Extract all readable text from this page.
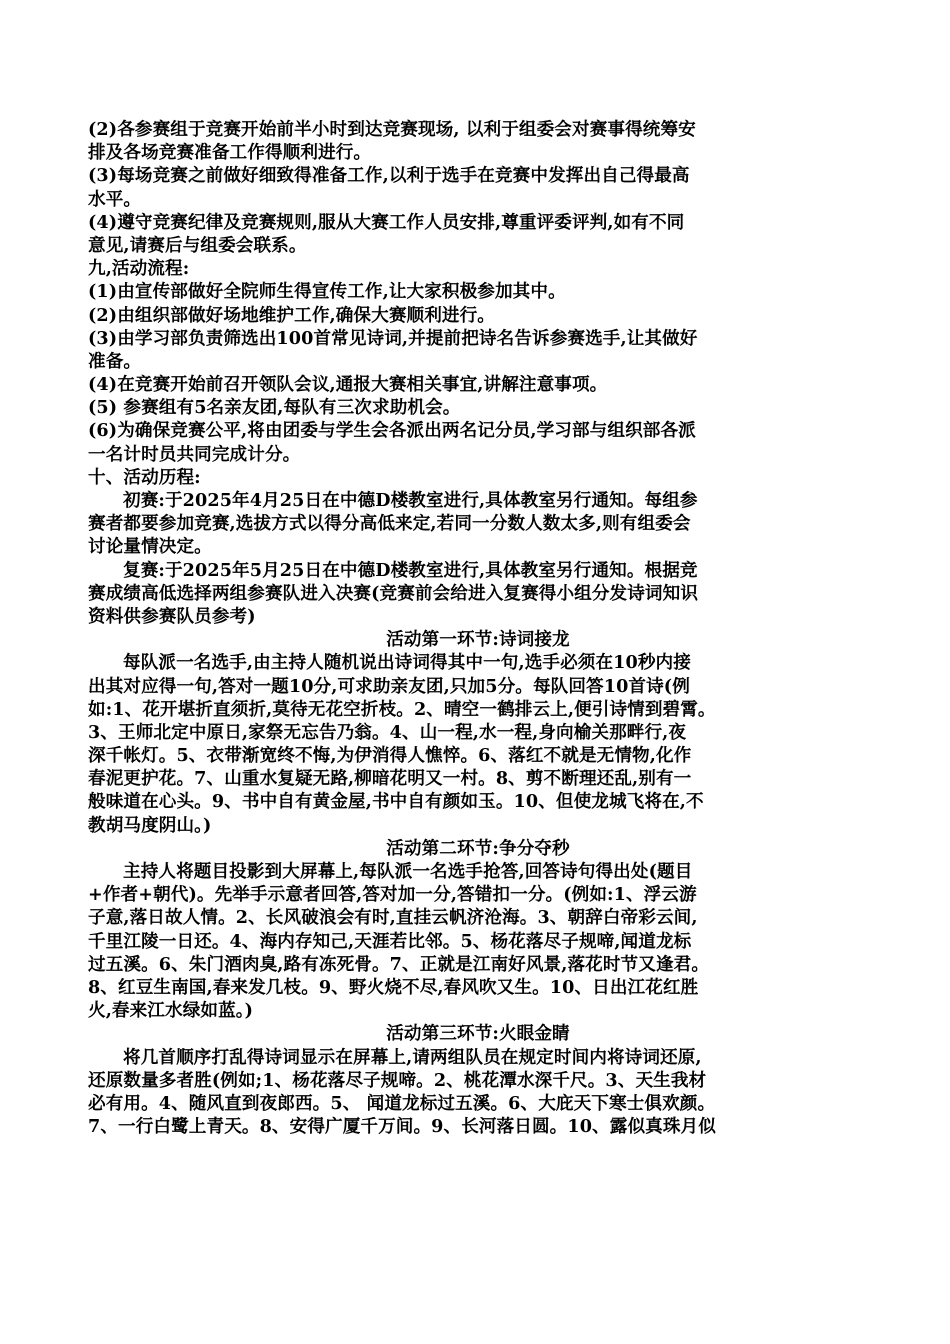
(2)各参赛组于竞赛开始前半小时到达竞赛现场, 以利于组委会对赛事得统筹安
排及各场竞赛准备工作得顺利进行。
(3)每场竞赛之前做好细致得准备工作,以利于选手在竞赛中发挥出自己得最高
水平。
(4)遵守竞赛纪律及竞赛规则,服从大赛工作人员安排,尊重评委评判,如有不同
意见,请赛后与组委会联系。
九,活动流程:
(1)由宣传部做好全院师生得宣传工作,让大家积极参加其中。
(2)由组织部做好场地维护工作,确保大赛顺利进行。
(3)由学习部负责筛选出100首常见诗词,并提前把诗名告诉参赛选手,让其做好
准备。
(4)在竞赛开始前召开领队会议,通报大赛相关事宜,讲解注意事项。
(5) 参赛组有5名亲友团,每队有三次求助机会。
(6)为确保竞赛公平,将由团委与学生会各派出两名记分员,学习部与组织部各派
一名计时员共同完成计分。
十、活动历程:
初赛:于2025年4月25日在中德D楼教室进行,具体教室另行通知。每组参
赛者都要参加竞赛,选拔方式以得分高低来定,若同一分数人数太多,则有组委会
讨论量情决定。
复赛:于2025年5月25日在中德D楼教室进行,具体教室另行通知。根据竞
赛成绩高低选择两组参赛队进入决赛(竞赛前会给进入复赛得小组分发诗词知识
资料供参赛队员参考)
活动第一环节:诗词接龙
每队派一名选手,由主持人随机说出诗词得其中一句,选手必须在10秒内接
出其对应得一句,答对一题10分,可求助亲友团,只加5分。每队回答10首诗(例
如:1、花开堪折直须折,莫待无花空折枝。2、晴空一鹤排云上,便引诗情到碧霄。
3、王师北定中原日,家祭无忘告乃翁。4、山一程,水一程,身向榆关那畔行,夜
深千帐灯。5、衣带渐宽终不悔,为伊消得人憔悴。6、落红不就是无情物,化作
春泥更护花。7、山重水复疑无路,柳暗花明又一村。8、剪不断理还乱,别有一
般味道在心头。9、书中自有黄金屋,书中自有颜如玉。10、但使龙城飞将在,不
教胡马度阴山。)
活动第二环节:争分夺秒
主持人将题目投影到大屏幕上,每队派一名选手抢答,回答诗句得出处(题目
+作者+朝代)。先举手示意者回答,答对加一分,答错扣一分。(例如:1、浮云游
子意,落日故人情。2、长风破浪会有时,直挂云帆济沧海。3、朝辞白帝彩云间,
千里江陵一日还。4、海内存知己,天涯若比邻。5、杨花落尽子规啼,闻道龙标
过五溪。6、朱门酒肉臭,路有冻死骨。7、正就是江南好风景,落花时节又逢君。
8、红豆生南国,春来发几枝。9、野火烧不尽,春风吹又生。10、日出江花红胜
火,春来江水绿如蓝。)
活动第三环节:火眼金睛
将几首顺序打乱得诗词显示在屏幕上,请两组队员在规定时间内将诗词还原,
还原数量多者胜(例如;1、杨花落尽子规啼。2、桃花潭水深千尺。3、天生我材
必有用。4、随风直到夜郎西。5、 闻道龙标过五溪。6、大庇天下寒士俱欢颜。
7、一行白鹭上青天。8、安得广厦千万间。9、长河落日圆。10、露似真珠月似
